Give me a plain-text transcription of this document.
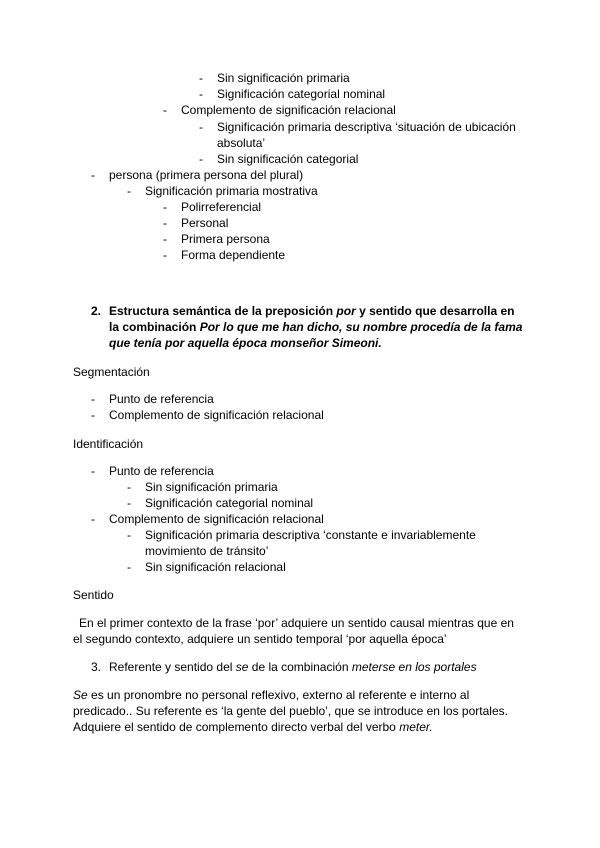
- Sin significación primaria
- Significación categorial nominal
- Complemento de significación relacional
- Significación primaria descriptiva ‘situación de ubicación
absoluta’
- Sin significación categorial
- persona (primera persona del plural)
- Significación primaria mostrativa
- Polirreferencial
- Personal
- Primera persona
- Forma dependiente
2. Estructura semántica de la preposición por y sentido que desarrolla en
la combinación Por lo que me han dicho, su nombre procedía de la fama
que tenía por aquella época monseñor Simeoni.
Segmentación
- Punto de referencia
- Complemento de significación relacional
Identificación
- Punto de referencia
- Sin significación primaria
- Significación categorial nominal
- Complemento de significación relacional
- Significación primaria descriptiva ‘constante e invariablemente
movimiento de tránsito’
- Sin significación relacional
Sentido
En el primer contexto de la frase ‘por’ adquiere un sentido causal mientras que en
el segundo contexto, adquiere un sentido temporal ‘por aquella época’
3. Referente y sentido del se de la combinación meterse en los portales
Se es un pronombre no personal reflexivo, externo al referente e interno al
predicado.. Su referente es ‘la gente del pueblo’, que se introduce en los portales.
Adquiere el sentido de complemento directo verbal del verbo meter.
